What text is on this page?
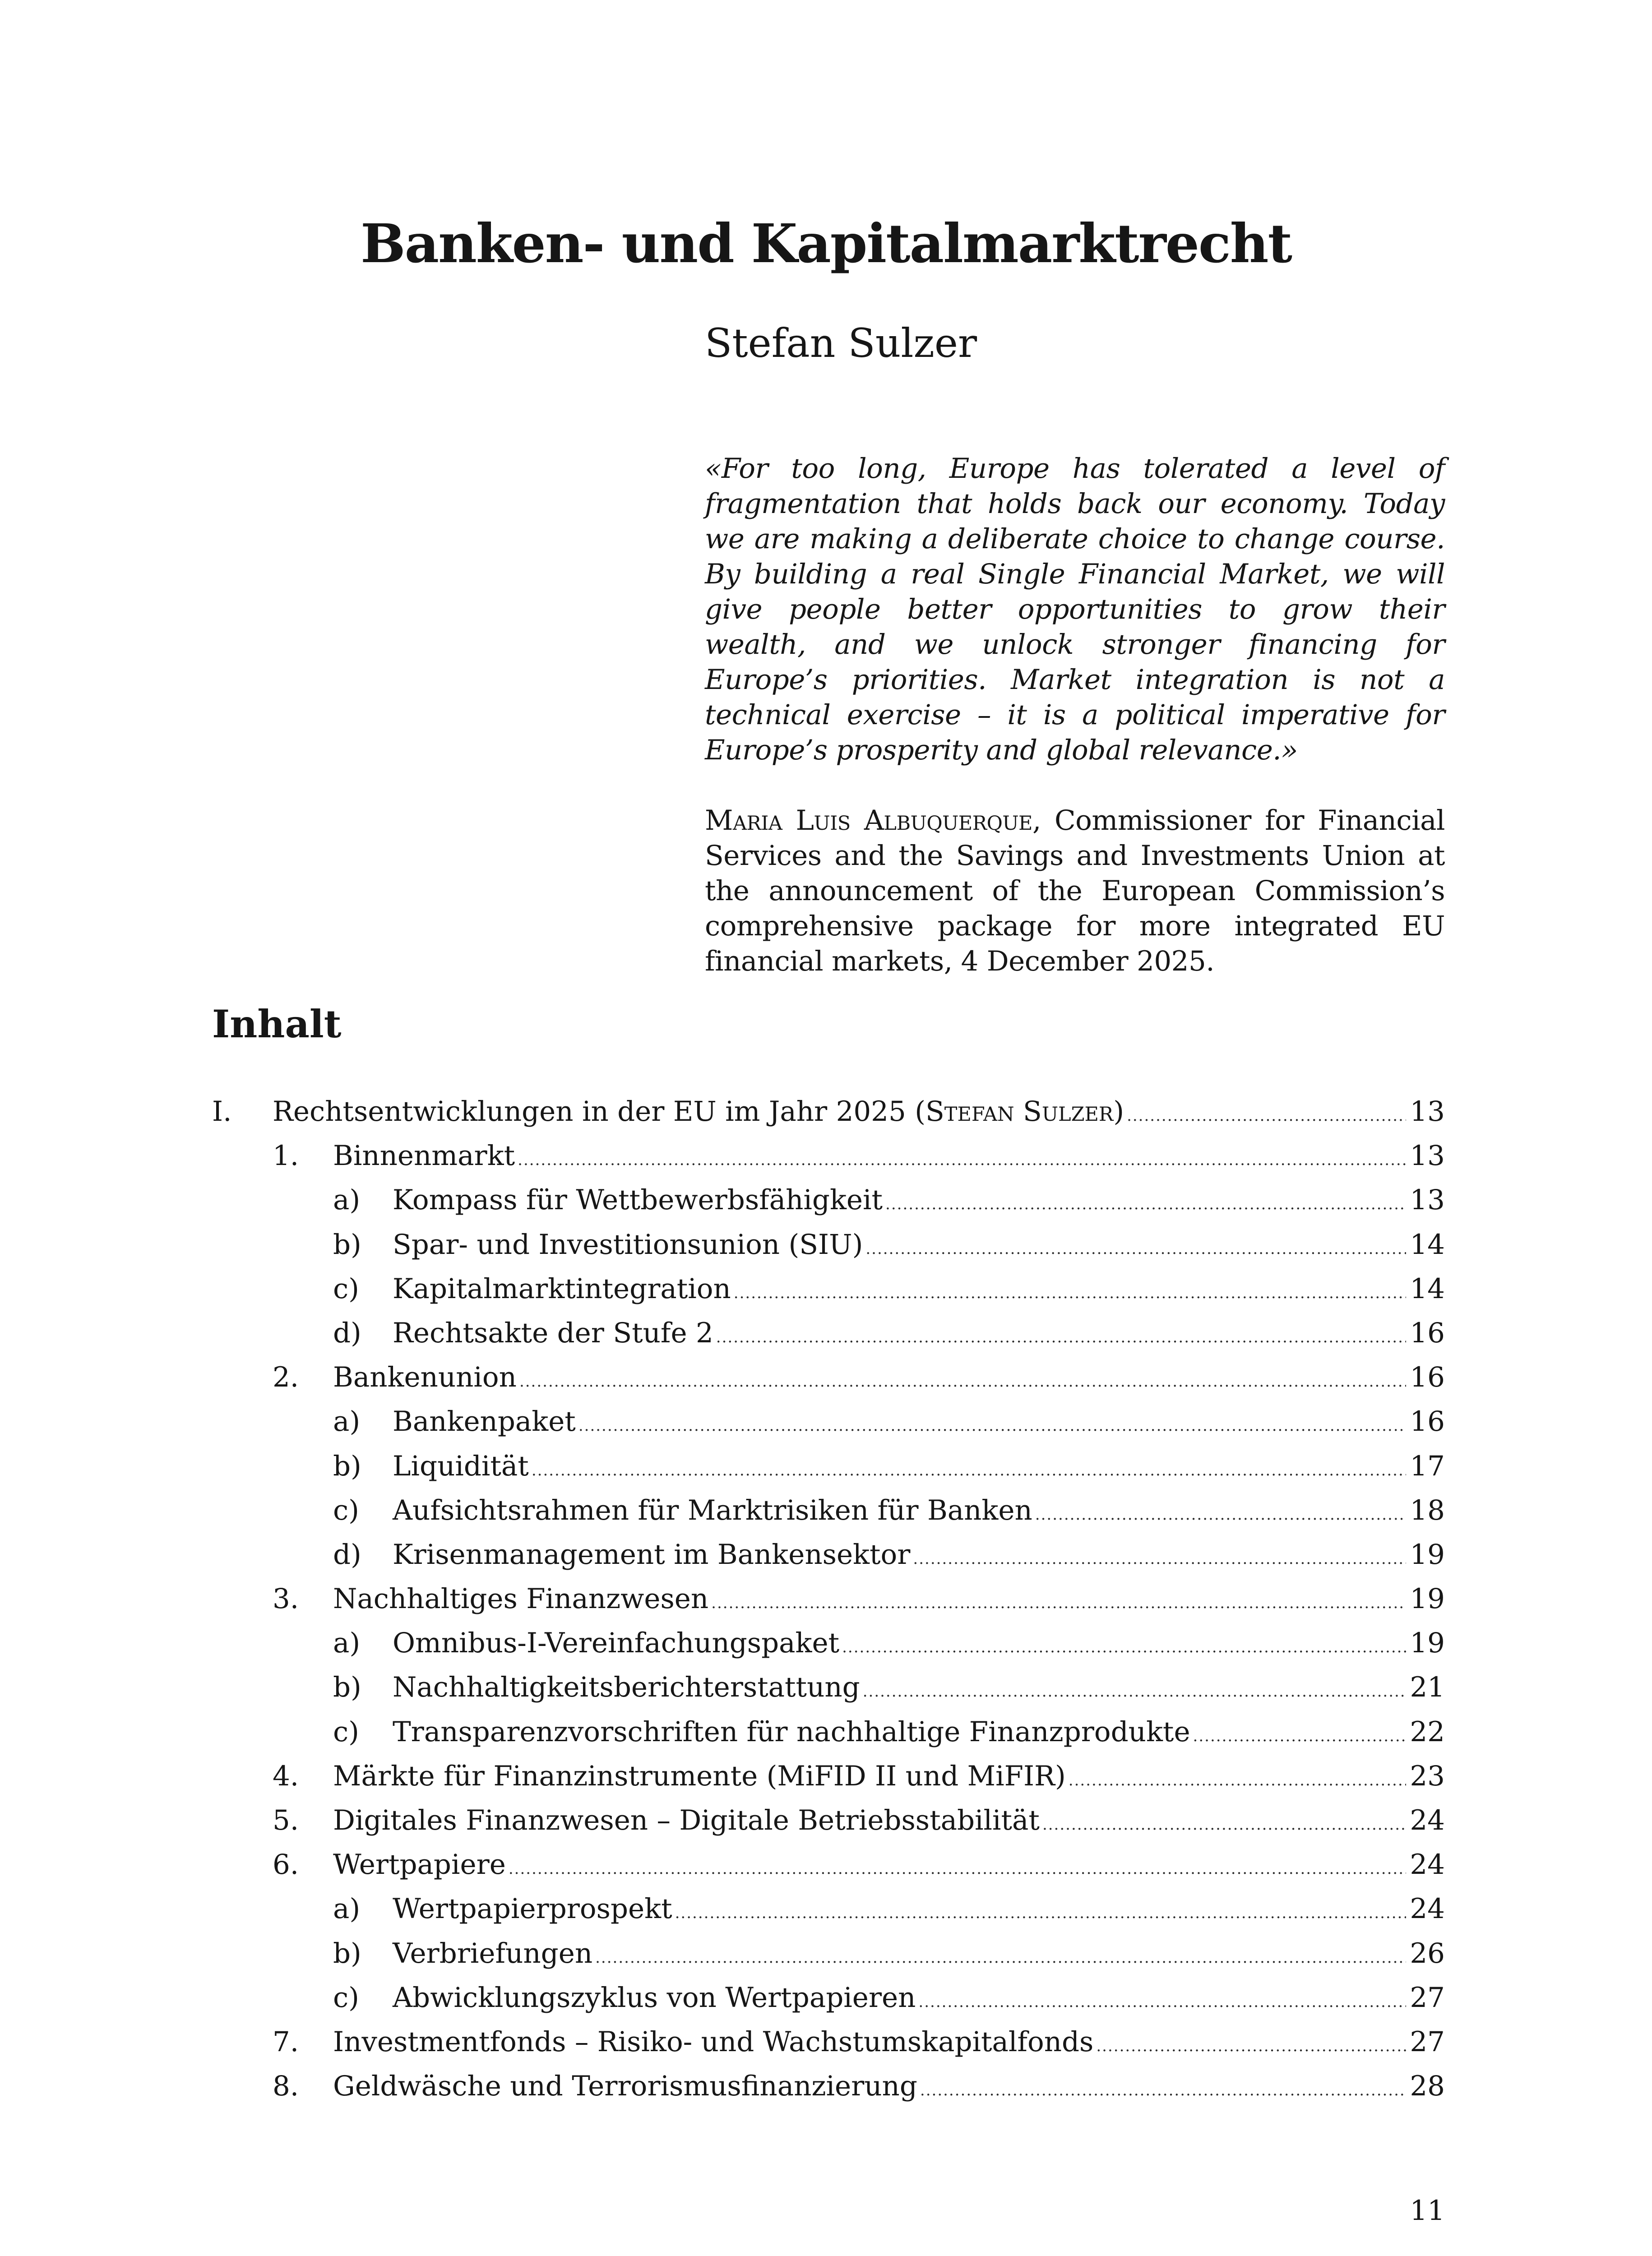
Banken- und Kapitalmarktrecht

Stefan Sulzer

«For too long, Europe has tolerated a level of fragmentation that holds back our economy. Today we are making a deliberate choice to change course. By building a real Single Financial Market, we will give people better opportunities to grow their wealth, and we unlock stronger financing for Europe’s priorities. Market integration is not a technical exercise – it is a political imperative for Europe’s prosperity and global relevance.»

Maria Luis Albuquerque, Commissioner for Financial Services and the Savings and Investments Union at the announcement of the European Commission’s comprehensive package for more integrated EU financial markets, 4 December 2025.

Inhalt
I.	Rechtsentwicklungen in der EU im Jahr 2025 (Stefan Sulzer) .....	13
1.	Binnenmarkt .....	13
a)	Kompass für Wettbewerbsfähigkeit .....	13
b)	Spar- und Investitionsunion (SIU) .....	14
c)	Kapitalmarktintegration .....	14
d)	Rechtsakte der Stufe 2 .....	16
2.	Bankenunion .....	16
a)	Bankenpaket .....	16
b)	Liquidität .....	17
c)	Aufsichtsrahmen für Marktrisiken für Banken .....	18
d)	Krisenmanagement im Bankensektor .....	19
3.	Nachhaltiges Finanzwesen .....	19
a)	Omnibus-I-Vereinfachungspaket .....	19
b)	Nachhaltigkeitsberichterstattung .....	21
c)	Transparenzvorschriften für nachhaltige Finanzprodukte .....	22
4.	Märkte für Finanzinstrumente (MiFID II und MiFIR) .....	23
5.	Digitales Finanzwesen – Digitale Betriebsstabilität .....	24
6.	Wertpapiere .....	24
a)	Wertpapierprospekt .....	24
b)	Verbriefungen .....	26
c)	Abwicklungszyklus von Wertpapieren .....	27
7.	Investmentfonds – Risiko- und Wachstumskapitalfonds .....	27
8.	Geldwäsche und Terrorismusfinanzierung .....	28

11
